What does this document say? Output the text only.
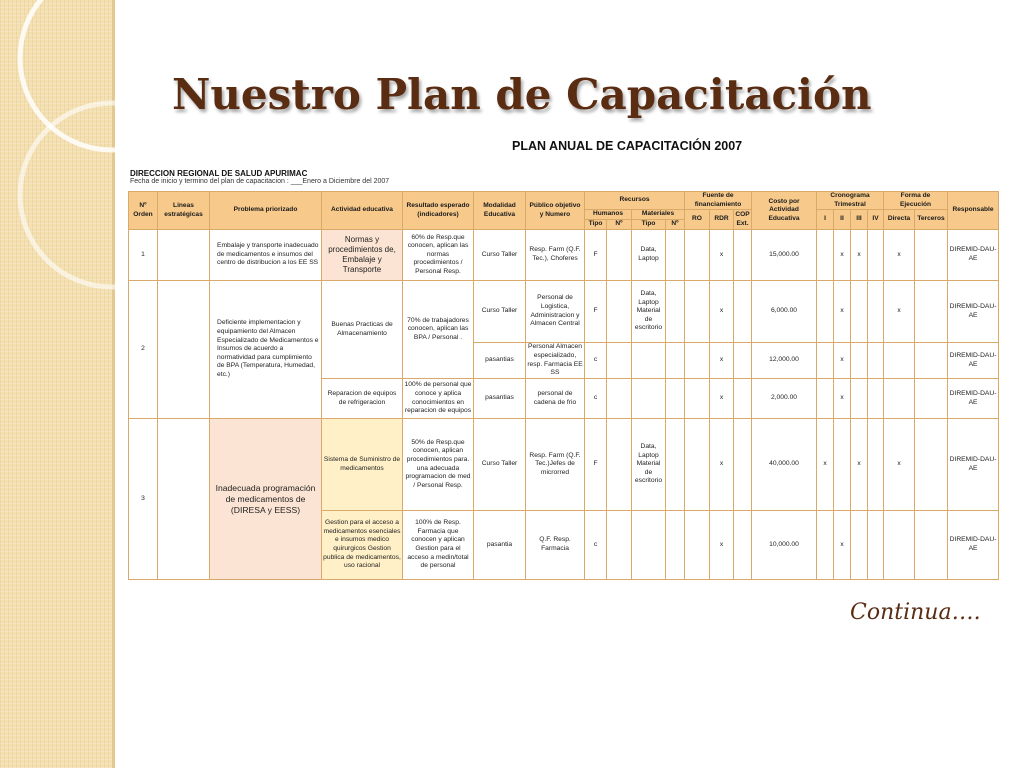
Nuestro Plan de Capacitación
PLAN ANUAL DE CAPACITACIÓN 2007
DIRECCION REGIONAL DE SALUD APURIMAC
Fecha de inicio y termino del plan de capacitacion : ___Enero a Diciembre del 2007
Nº Orden	Lineas estratégicas	Problema priorizado	Actividad educativa	Resultado esperado (indicadores)	Modalidad Educativa	Público objetivo y Numero	Recursos				Fuente de financiamiento			Costo por Actividad Educativa	Cronograma Trimestral				Forma de Ejecución		Responsable
							Humanos		Materiales		RO	RDR	COP Ext.		I	II	III	IV	Directa	Terceros	
							Tipo	Nº	Tipo	Nº											
1		Embalaje y transporte inadecuado de medicamentos e insumos del centro de distribucion a los EE SS	Normas y procedimientos de, Embalaje y Transporte	60% de Resp.que conocen, aplican las normas procedimientos / Personal Resp.	Curso Taller	Resp. Farm (Q.F. Tec.), Choferes	F		Data, Laptop			x		15,000.00		x	x		x		DIREMID-DAU-AE
2		Deficiente implementacion y equipamiento del Almacen Especializado de Medicamentos e Insumos de acuerdo a normatividad para cumplimiento de BPA (Temperatura, Humedad, etc.)	Buenas Practicas de Almacenamiento	70% de trabajadores conocen, aplican las BPA / Personal .	Curso Taller	Personal de Logistica, Administracion y Almacen Central	F		Data, Laptop Material de escritorio			x		6,000.00		x			x		DIREMID-DAU-AE
					pasantias	Personal Almacen especializado, resp. Farmacia EE SS	c					x		12,000.00		x					DIREMID-DAU-AE
			Reparacion de equipos de refrigeracion	100% de personal que conoce y aplica conocimientos en reparacion de equipos	pasantias	personal de cadena de frio	c					x		2,000.00		x					DIREMID-DAU-AE
3		Inadecuada programación de medicamentos de (DIRESA y EESS)	Sistema de Suministro de medicamentos	50% de Resp.que conocen, aplican procedimientos para. una adecuada programacion de med / Personal Resp.	Curso Taller	Resp. Farm (Q.F. Tec.)Jefes de microrred	F		Data, Laptop Material de escritorio			x		40,000.00	x		x		x		DIREMID-DAU-AE
			Gestion para el acceso a medicamentos esenciales e insumos medico quirurgicos Gestion publica de medicamentos, uso racional	100% de Resp. Farmacia que conocen y aplican Gestion para el acceso a medin/total de personal	pasantia	Q.F. Resp. Farmacia	c					x		10,000.00		x					DIREMID-DAU-AE
Continua….
